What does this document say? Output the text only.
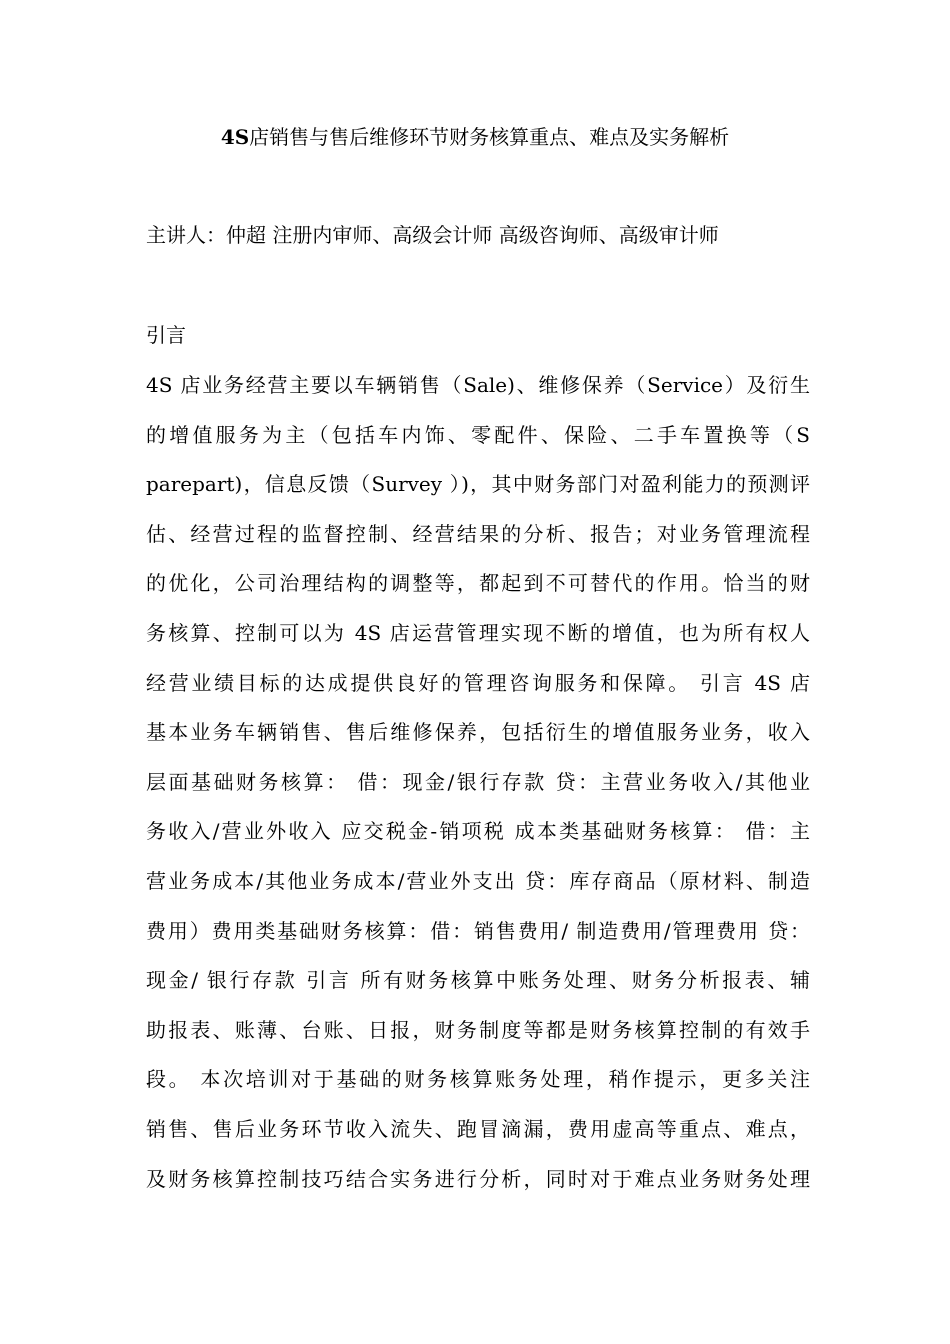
4S店销售与售后维修环节财务核算重点、难点及实务解析

主讲人：仲超 注册内审师、高级会计师 高级咨询师、高级审计师

引言

4S 店业务经营主要以车辆销售（Sale)、维修保养（Service）及衍生
的增值服务为主（包括车内饰、零配件、保险、二手车置换等（S
parepart)，信息反馈（Survey ）)，其中财务部门对盈利能力的预测评
估、经营过程的监督控制、经营结果的分析、报告；对业务管理流程
的优化，公司治理结构的调整等，都起到不可替代的作用。恰当的财
务核算、控制可以为 4S 店运营管理实现不断的增值，也为所有权人
经营业绩目标的达成提供良好的管理咨询服务和保障。 引言 4S 店
基本业务车辆销售、售后维修保养，包括衍生的增值服务业务，收入
层面基础财务核算： 借：现金/银行存款 贷：主营业务收入/其他业
务收入/营业外收入 应交税金-销项税 成本类基础财务核算： 借：主
营业务成本/其他业务成本/营业外支出 贷：库存商品（原材料、制造
费用）费用类基础财务核算：借：销售费用/ 制造费用/管理费用 贷：
现金/ 银行存款 引言 所有财务核算中账务处理、财务分析报表、辅
助报表、账薄、台账、日报，财务制度等都是财务核算控制的有效手
段。 本次培训对于基础的财务核算账务处理，稍作提示，更多关注
销售、售后业务环节收入流失、跑冒滴漏，费用虚高等重点、难点，
及财务核算控制技巧结合实务进行分析，同时对于难点业务财务处理
